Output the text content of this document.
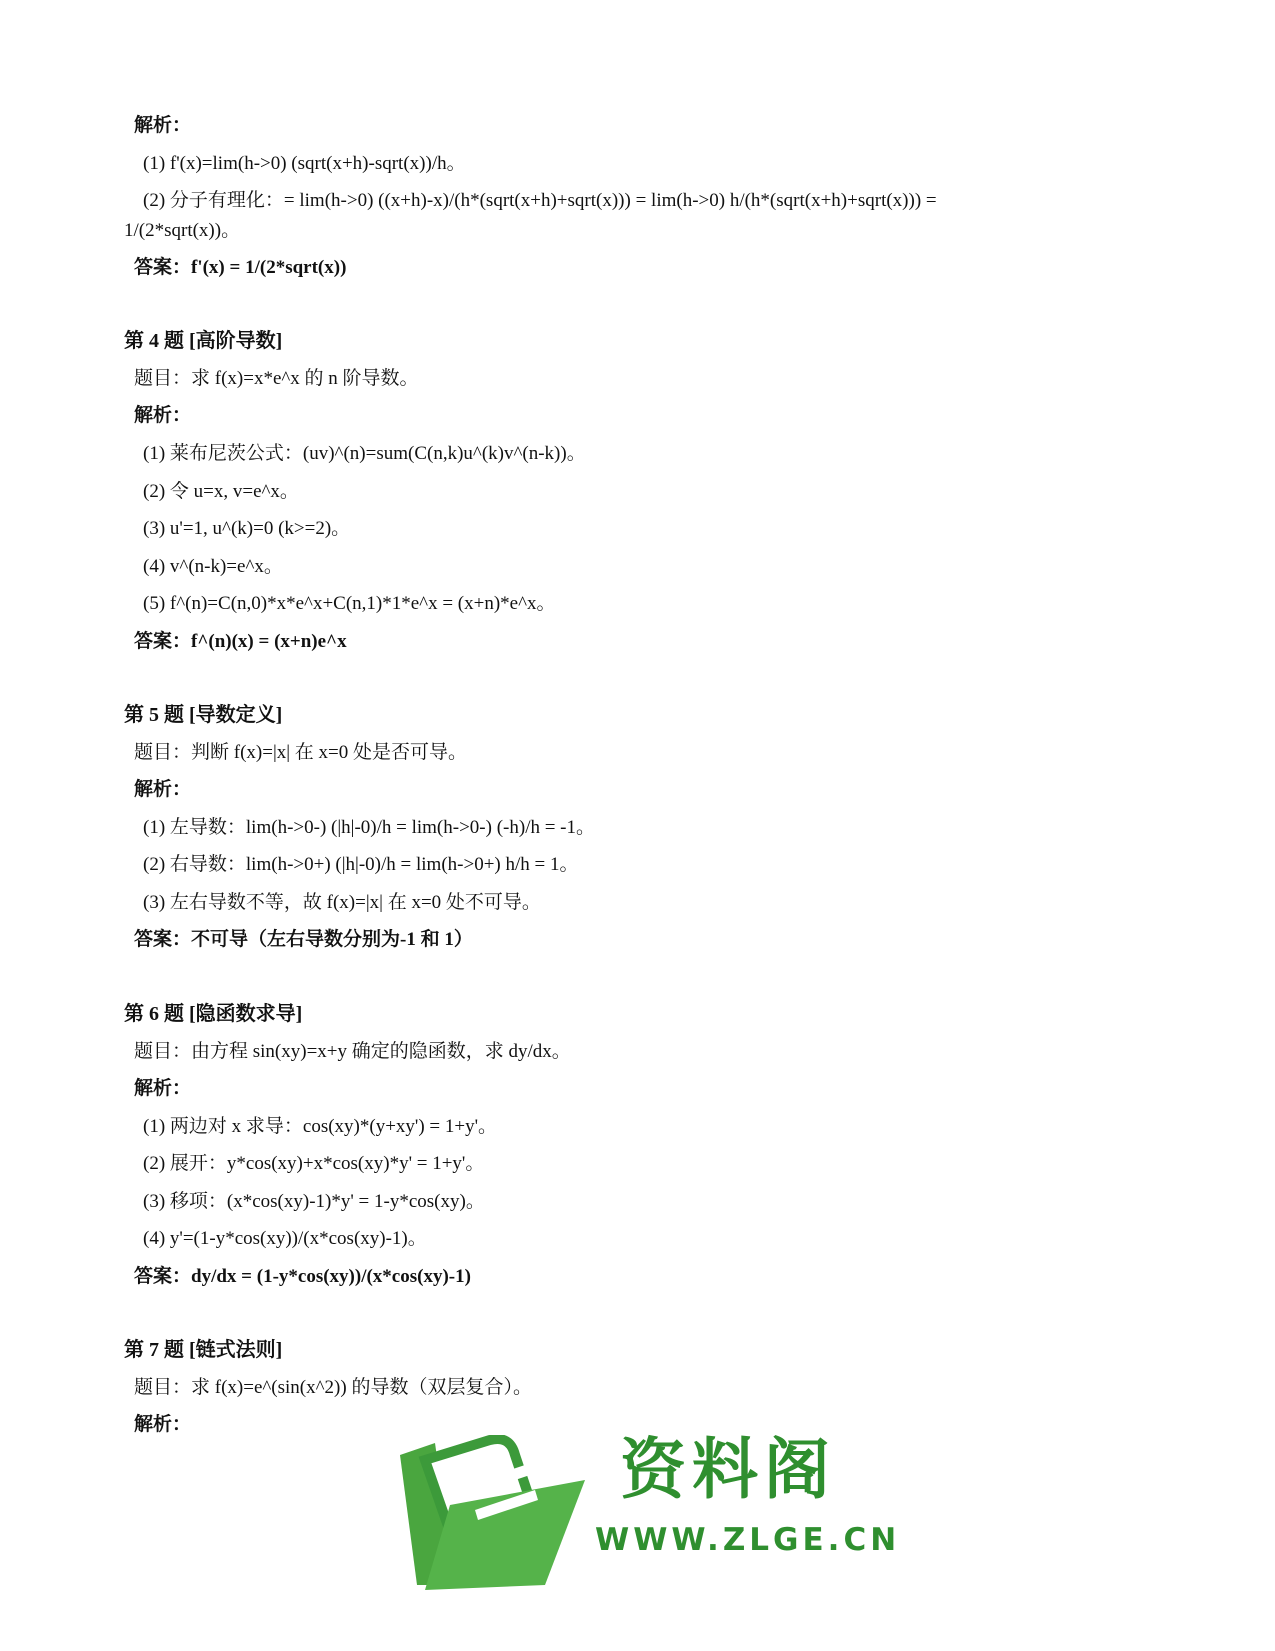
解析：
(1) f'(x)=lim(h->0) (sqrt(x+h)-sqrt(x))/h。
(2) 分子有理化：= lim(h->0) ((x+h)-x)/(h*(sqrt(x+h)+sqrt(x))) = lim(h->0) h/(h*(sqrt(x+h)+sqrt(x))) =
1/(2*sqrt(x))。
答案：f'(x) = 1/(2*sqrt(x))
第 4 题 [高阶导数]
题目：求 f(x)=x*e^x 的 n 阶导数。
解析：
(1) 莱布尼茨公式：(uv)^(n)=sum(C(n,k)u^(k)v^(n-k))。
(2) 令 u=x, v=e^x。
(3) u'=1, u^(k)=0 (k>=2)。
(4) v^(n-k)=e^x。
(5) f^(n)=C(n,0)*x*e^x+C(n,1)*1*e^x = (x+n)*e^x。
答案：f^(n)(x) = (x+n)e^x
第 5 题 [导数定义]
题目：判断 f(x)=|x| 在 x=0 处是否可导。
解析：
(1) 左导数：lim(h->0-) (|h|-0)/h = lim(h->0-) (-h)/h = -1。
(2) 右导数：lim(h->0+) (|h|-0)/h = lim(h->0+) h/h = 1。
(3) 左右导数不等，故 f(x)=|x| 在 x=0 处不可导。
答案：不可导（左右导数分别为-1 和 1）
第 6 题 [隐函数求导]
题目：由方程 sin(xy)=x+y 确定的隐函数，求 dy/dx。
解析：
(1) 两边对 x 求导：cos(xy)*(y+xy') = 1+y'。
(2) 展开：y*cos(xy)+x*cos(xy)*y' = 1+y'。
(3) 移项：(x*cos(xy)-1)*y' = 1-y*cos(xy)。
(4) y'=(1-y*cos(xy))/(x*cos(xy)-1)。
答案：dy/dx = (1-y*cos(xy))/(x*cos(xy)-1)
第 7 题 [链式法则]
题目：求 f(x)=e^(sin(x^2)) 的导数（双层复合）。
解析：
资料阁
WWW.ZLGE.CN
